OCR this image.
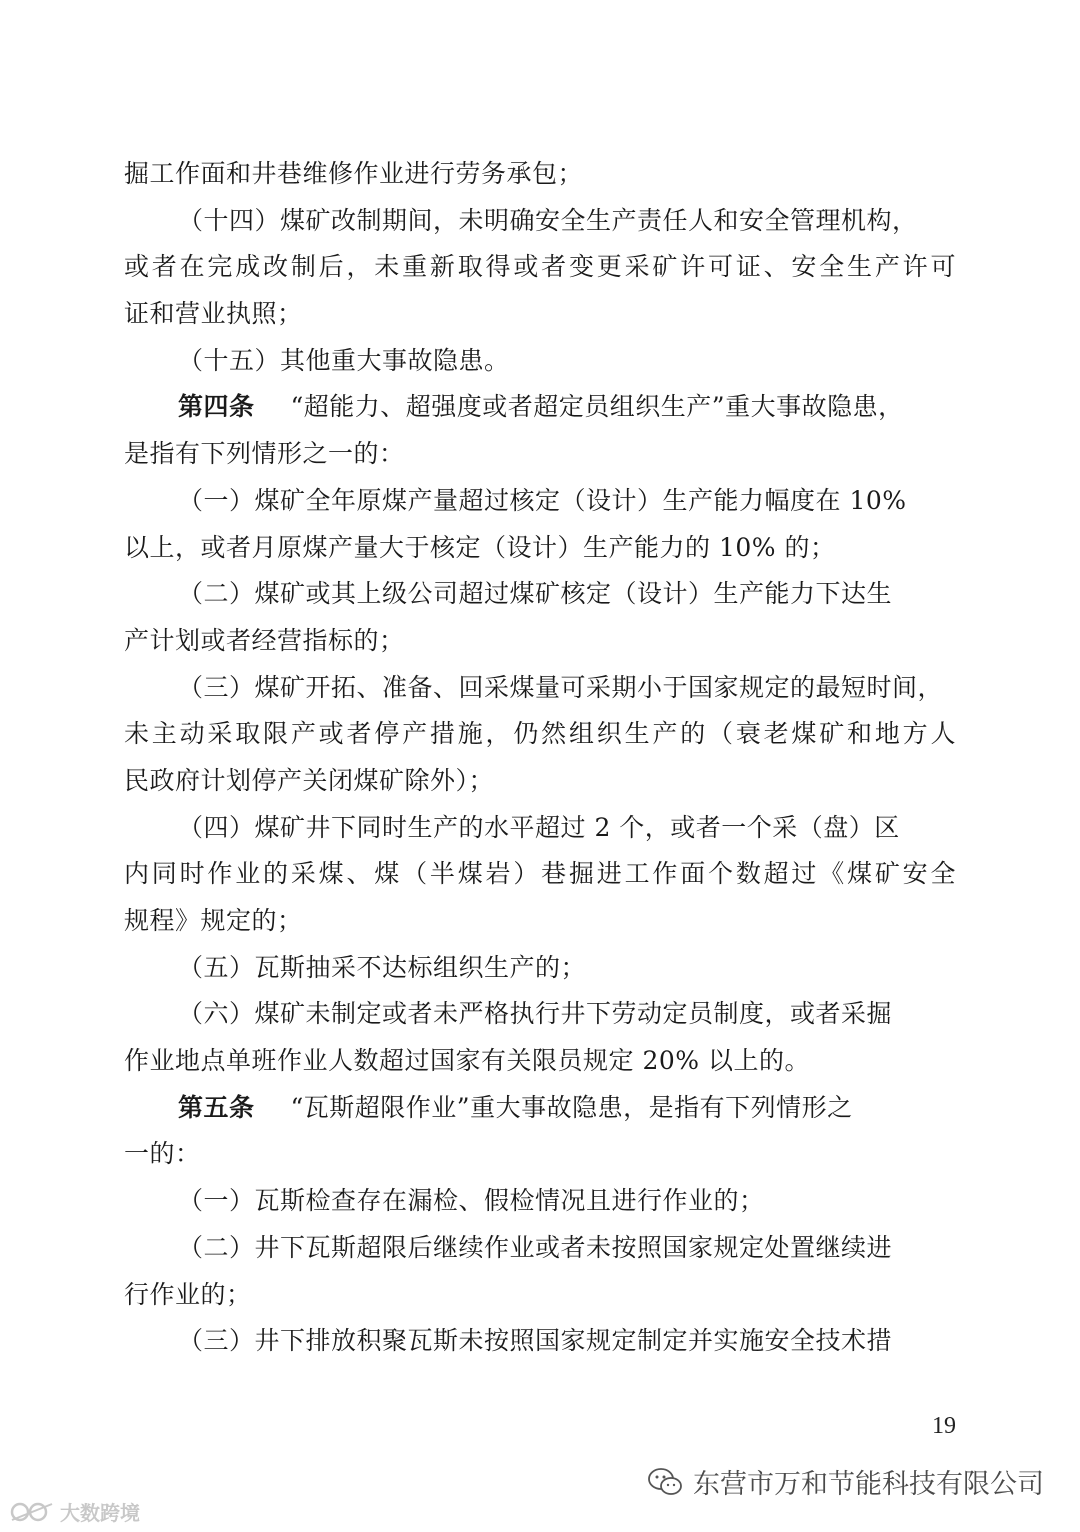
掘工作面和井巷维修作业进行劳务承包；
（十四）煤矿改制期间，未明确安全生产责任人和安全管理机构，
或者在完成改制后，未重新取得或者变更采矿许可证、安全生产许可
证和营业执照；
（十五）其他重大事故隐患。
第四条 “超能力、超强度或者超定员组织生产”重大事故隐患，
是指有下列情形之一的：
（一）煤矿全年原煤产量超过核定（设计）生产能力幅度在 10%
以上，或者月原煤产量大于核定（设计）生产能力的 10% 的；
（二）煤矿或其上级公司超过煤矿核定（设计）生产能力下达生
产计划或者经营指标的；
（三）煤矿开拓、准备、回采煤量可采期小于国家规定的最短时间，
未主动采取限产或者停产措施，仍然组织生产的（衰老煤矿和地方人
民政府计划停产关闭煤矿除外）；
（四）煤矿井下同时生产的水平超过 2 个，或者一个采（盘）区
内同时作业的采煤、煤（半煤岩）巷掘进工作面个数超过《煤矿安全
规程》规定的；
（五）瓦斯抽采不达标组织生产的；
（六）煤矿未制定或者未严格执行井下劳动定员制度，或者采掘
作业地点单班作业人数超过国家有关限员规定 20% 以上的。
第五条 “瓦斯超限作业”重大事故隐患，是指有下列情形之
一的：
（一）瓦斯检查存在漏检、假检情况且进行作业的；
（二）井下瓦斯超限后继续作业或者未按照国家规定处置继续进
行作业的；
（三）井下排放积聚瓦斯未按照国家规定制定并实施安全技术措
19
东营市万和节能科技有限公司
大数跨境
